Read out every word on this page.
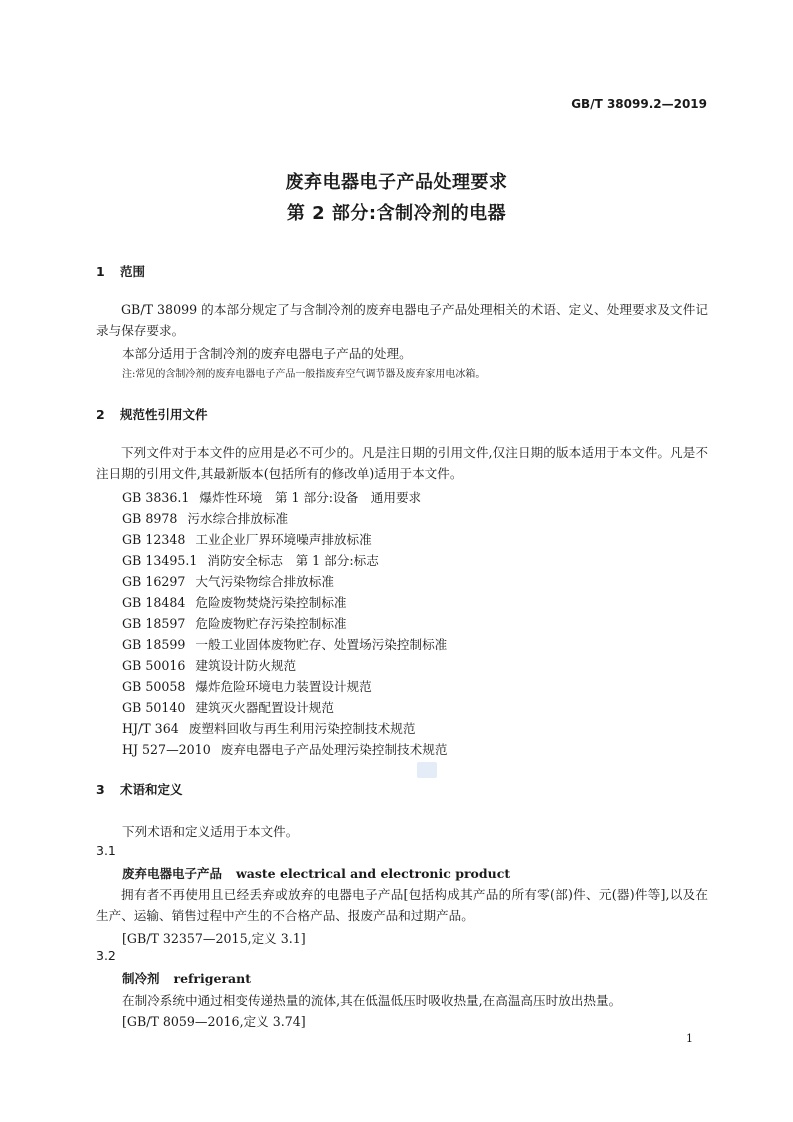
GB/T 38099.2—2019
废弃电器电子产品处理要求
第 2 部分:含制冷剂的电器
1 范围
GB/T 38099 的本部分规定了与含制冷剂的废弃电器电子产品处理相关的术语、定义、处理要求及文件记录与保存要求。
本部分适用于含制冷剂的废弃电器电子产品的处理。
注:常见的含制冷剂的废弃电器电子产品一般指废弃空气调节器及废弃家用电冰箱。
2 规范性引用文件
下列文件对于本文件的应用是必不可少的。凡是注日期的引用文件,仅注日期的版本适用于本文件。凡是不注日期的引用文件,其最新版本(包括所有的修改单)适用于本文件。
GB 3836.1 爆炸性环境　第 1 部分:设备　通用要求
GB 8978 污水综合排放标准
GB 12348 工业企业厂界环境噪声排放标准
GB 13495.1 消防安全标志　第 1 部分:标志
GB 16297 大气污染物综合排放标准
GB 18484 危险废物焚烧污染控制标准
GB 18597 危险废物贮存污染控制标准
GB 18599 一般工业固体废物贮存、处置场污染控制标准
GB 50016 建筑设计防火规范
GB 50058 爆炸危险环境电力装置设计规范
GB 50140 建筑灭火器配置设计规范
HJ/T 364 废塑料回收与再生利用污染控制技术规范
HJ 527—2010 废弃电器电子产品处理污染控制技术规范
3 术语和定义
下列术语和定义适用于本文件。
3.1
废弃电器电子产品 waste electrical and electronic product
拥有者不再使用且已经丢弃或放弃的电器电子产品[包括构成其产品的所有零(部)件、元(器)件等],以及在生产、运输、销售过程中产生的不合格产品、报废产品和过期产品。
[GB/T 32357—2015,定义 3.1]
3.2
制冷剂 refrigerant
在制冷系统中通过相变传递热量的流体,其在低温低压时吸收热量,在高温高压时放出热量。
[GB/T 8059—2016,定义 3.74]
1
